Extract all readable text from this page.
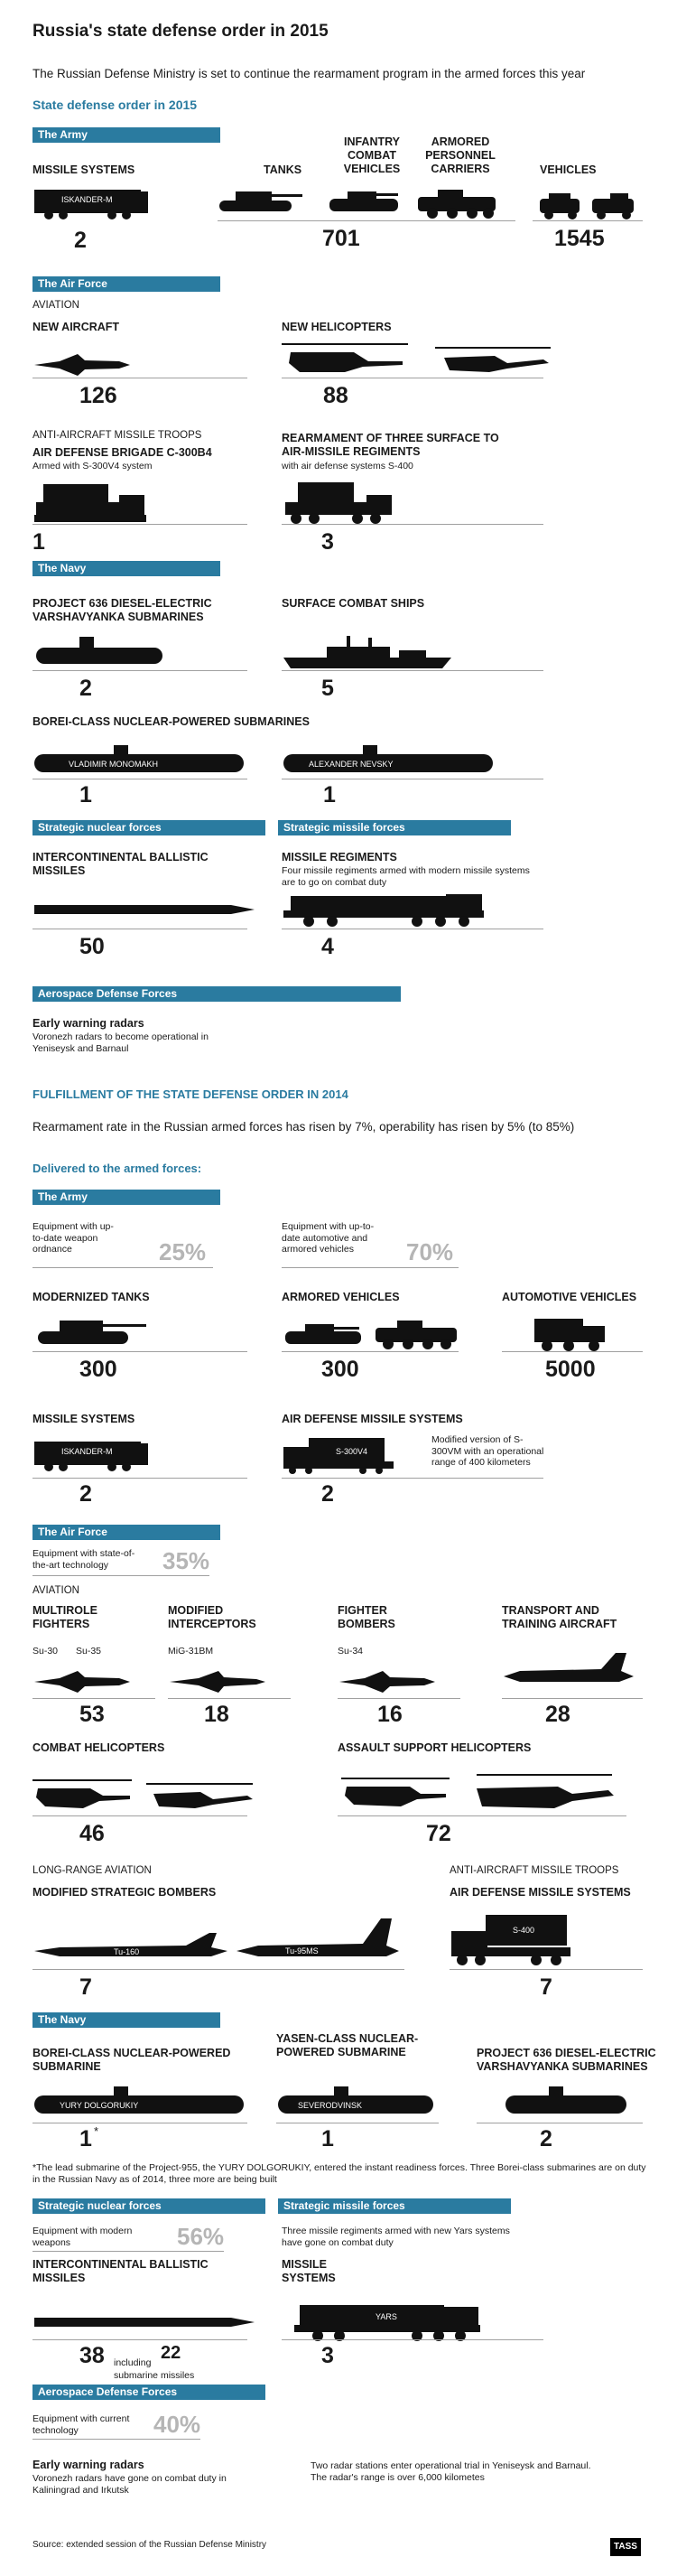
Russia's state defense order in 2015
The Russian Defense Ministry is set to continue the rearmament program in the armed forces this year
State defense order in 2015
The Army
MISSILE SYSTEMS
ISKANDER-M
2
TANKS
INFANTRY COMBAT VEHICLES
ARMORED PERSONNEL CARRIERS
701
VEHICLES
1545
The Air Force
AVIATION
NEW AIRCRAFT
126
NEW HELICOPTERS
88
ANTI-AIRCRAFT MISSILE TROOPS
AIR DEFENSE BRIGADE C-300B4
Armed with S-300V4 system
1
REARMAMENT OF THREE SURFACE TO AIR-MISSILE REGIMENTS
with air defense systems S-400
3
The Navy
PROJECT 636 DIESEL-ELECTRIC VARSHAVYANKA SUBMARINES
2
SURFACE COMBAT SHIPS
5
BOREI-CLASS NUCLEAR-POWERED SUBMARINES
VLADIMIR MONOMAKH
1
ALEXANDER NEVSKY
1
Strategic nuclear forces	Strategic missile forces
INTERCONTINENTAL BALLISTIC MISSILES
50
MISSILE REGIMENTS
Four missile regiments armed with modern missile systems are to go on combat duty
4
Aerospace Defense Forces
Early warning radars
Voronezh radars to become operational in Yeniseysk and Barnaul
FULFILLMENT OF THE STATE DEFENSE ORDER IN 2014
Rearmament rate in the Russian armed forces has risen by 7%, operability has risen by 5% (to 85%)
Delivered to the armed forces:
The Army
Equipment with up-to-date weapon ordnance	25%
Equipment with up-to-date automotive and armored vehicles	70%
MODERNIZED TANKS
300
ARMORED VEHICLES
300
AUTOMOTIVE VEHICLES
5000
MISSILE SYSTEMS
ISKANDER-M
2
AIR DEFENSE MISSILE SYSTEMS
S-300V4
Modified version of S-300VM with an operational range of 400 kilometers
2
The Air Force
Equipment with state-of-the-art technology	35%
AVIATION
MULTIROLE FIGHTERS
Su-30 Su-35
53
MODIFIED INTERCEPTORS
MiG-31BM
18
FIGHTER BOMBERS
Su-34
16
TRANSPORT AND TRAINING AIRCRAFT
28
COMBAT HELICOPTERS
46
ASSAULT SUPPORT HELICOPTERS
72
LONG-RANGE AVIATION
MODIFIED STRATEGIC BOMBERS
Tu-160	Tu-95MS
7
ANTI-AIRCRAFT MISSILE TROOPS
AIR DEFENSE MISSILE SYSTEMS
S-400
7
The Navy
BOREI-CLASS NUCLEAR-POWERED SUBMARINE
YURY DOLGORUKIY
1 *
YASEN-CLASS NUCLEAR-POWERED SUBMARINE
SEVERODVINSK
1
PROJECT 636 DIESEL-ELECTRIC VARSHAVYANKA SUBMARINES
2
*The lead submarine of the Project-955, the YURY DOLGORUKIY, entered the instant readiness forces. Three Borei-class submarines are on duty in the Russian Navy as of 2014, three more are being built
Strategic nuclear forces	Strategic missile forces
Equipment with modern weapons	56%
INTERCONTINENTAL BALLISTIC MISSILES
38 including 22
submarine missiles
Three missile regiments armed with new Yars systems have gone on combat duty
MISSILE SYSTEMS
YARS
3
Aerospace Defense Forces
Equipment with current technology	40%
Early warning radars
Voronezh radars have gone on combat duty in Kaliningrad and Irkutsk
Two radar stations enter operational trial in Yeniseysk and Barnaul. The radar's range is over 6,000 kilometes
Source: extended session of the Russian Defense Ministry	TASS
